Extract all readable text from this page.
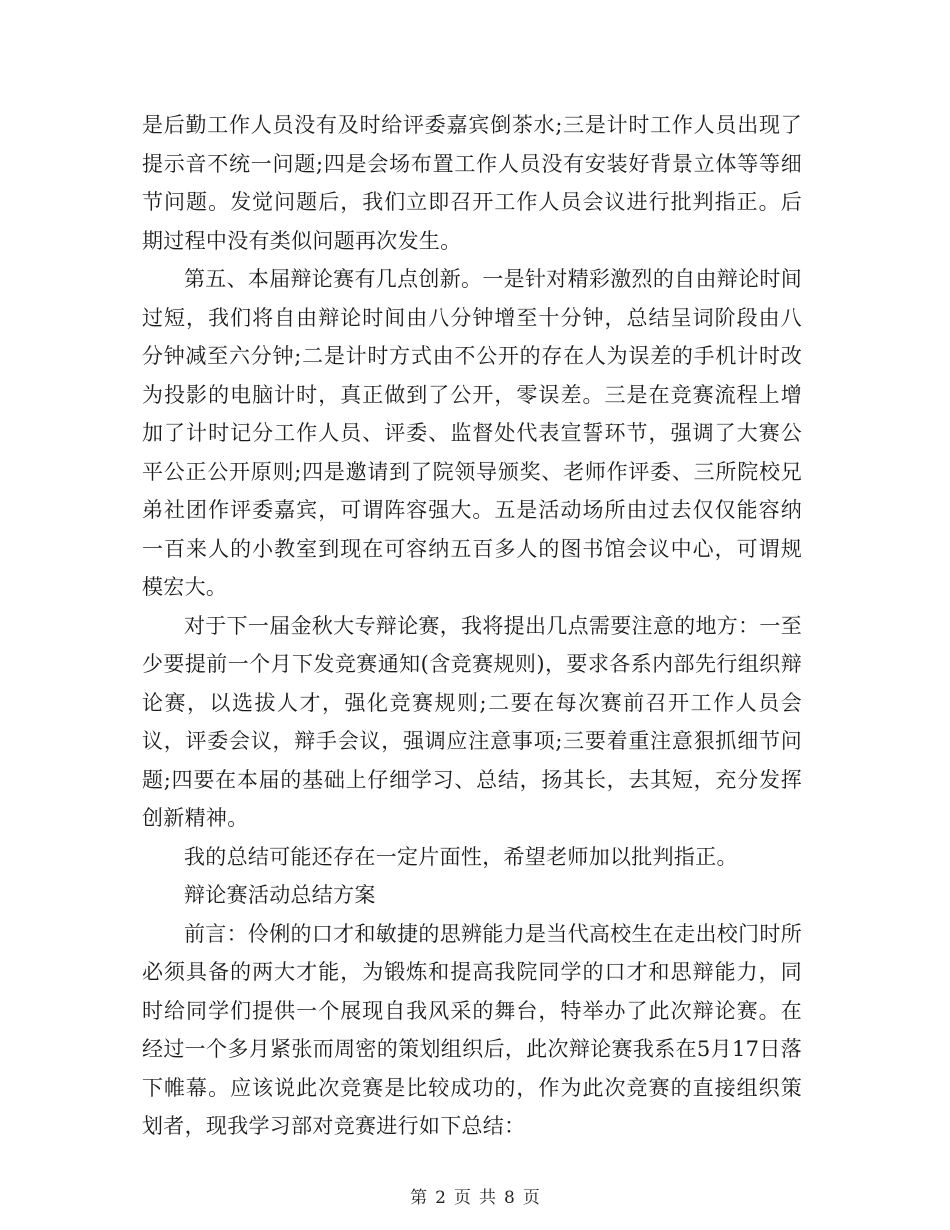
是后勤工作人员没有及时给评委嘉宾倒茶水;三是计时工作人员出现了提示音不统一问题;四是会场布置工作人员没有安装好背景立体等等细节问题。发觉问题后，我们立即召开工作人员会议进行批判指正。后期过程中没有类似问题再次发生。

第五、本届辩论赛有几点创新。一是针对精彩激烈的自由辩论时间过短，我们将自由辩论时间由八分钟增至十分钟，总结呈词阶段由八分钟减至六分钟;二是计时方式由不公开的存在人为误差的手机计时改为投影的电脑计时，真正做到了公开，零误差。三是在竞赛流程上增加了计时记分工作人员、评委、监督处代表宣誓环节，强调了大赛公平公正公开原则;四是邀请到了院领导颁奖、老师作评委、三所院校兄弟社团作评委嘉宾，可谓阵容强大。五是活动场所由过去仅仅能容纳一百来人的小教室到现在可容纳五百多人的图书馆会议中心，可谓规模宏大。

对于下一届金秋大专辩论赛，我将提出几点需要注意的地方：一至少要提前一个月下发竞赛通知(含竞赛规则)，要求各系内部先行组织辩论赛，以选拔人才，强化竞赛规则;二要在每次赛前召开工作人员会议，评委会议，辩手会议，强调应注意事项;三要着重注意狠抓细节问题;四要在本届的基础上仔细学习、总结，扬其长，去其短，充分发挥创新精神。

我的总结可能还存在一定片面性，希望老师加以批判指正。

辩论赛活动总结方案

前言：伶俐的口才和敏捷的思辨能力是当代高校生在走出校门时所必须具备的两大才能，为锻炼和提高我院同学的口才和思辩能力，同时给同学们提供一个展现自我风采的舞台，特举办了此次辩论赛。在经过一个多月紧张而周密的策划组织后，此次辩论赛我系在5月17日落下帷幕。应该说此次竞赛是比较成功的，作为此次竞赛的直接组织策划者，现我学习部对竞赛进行如下总结：

第 2 页 共 8 页
